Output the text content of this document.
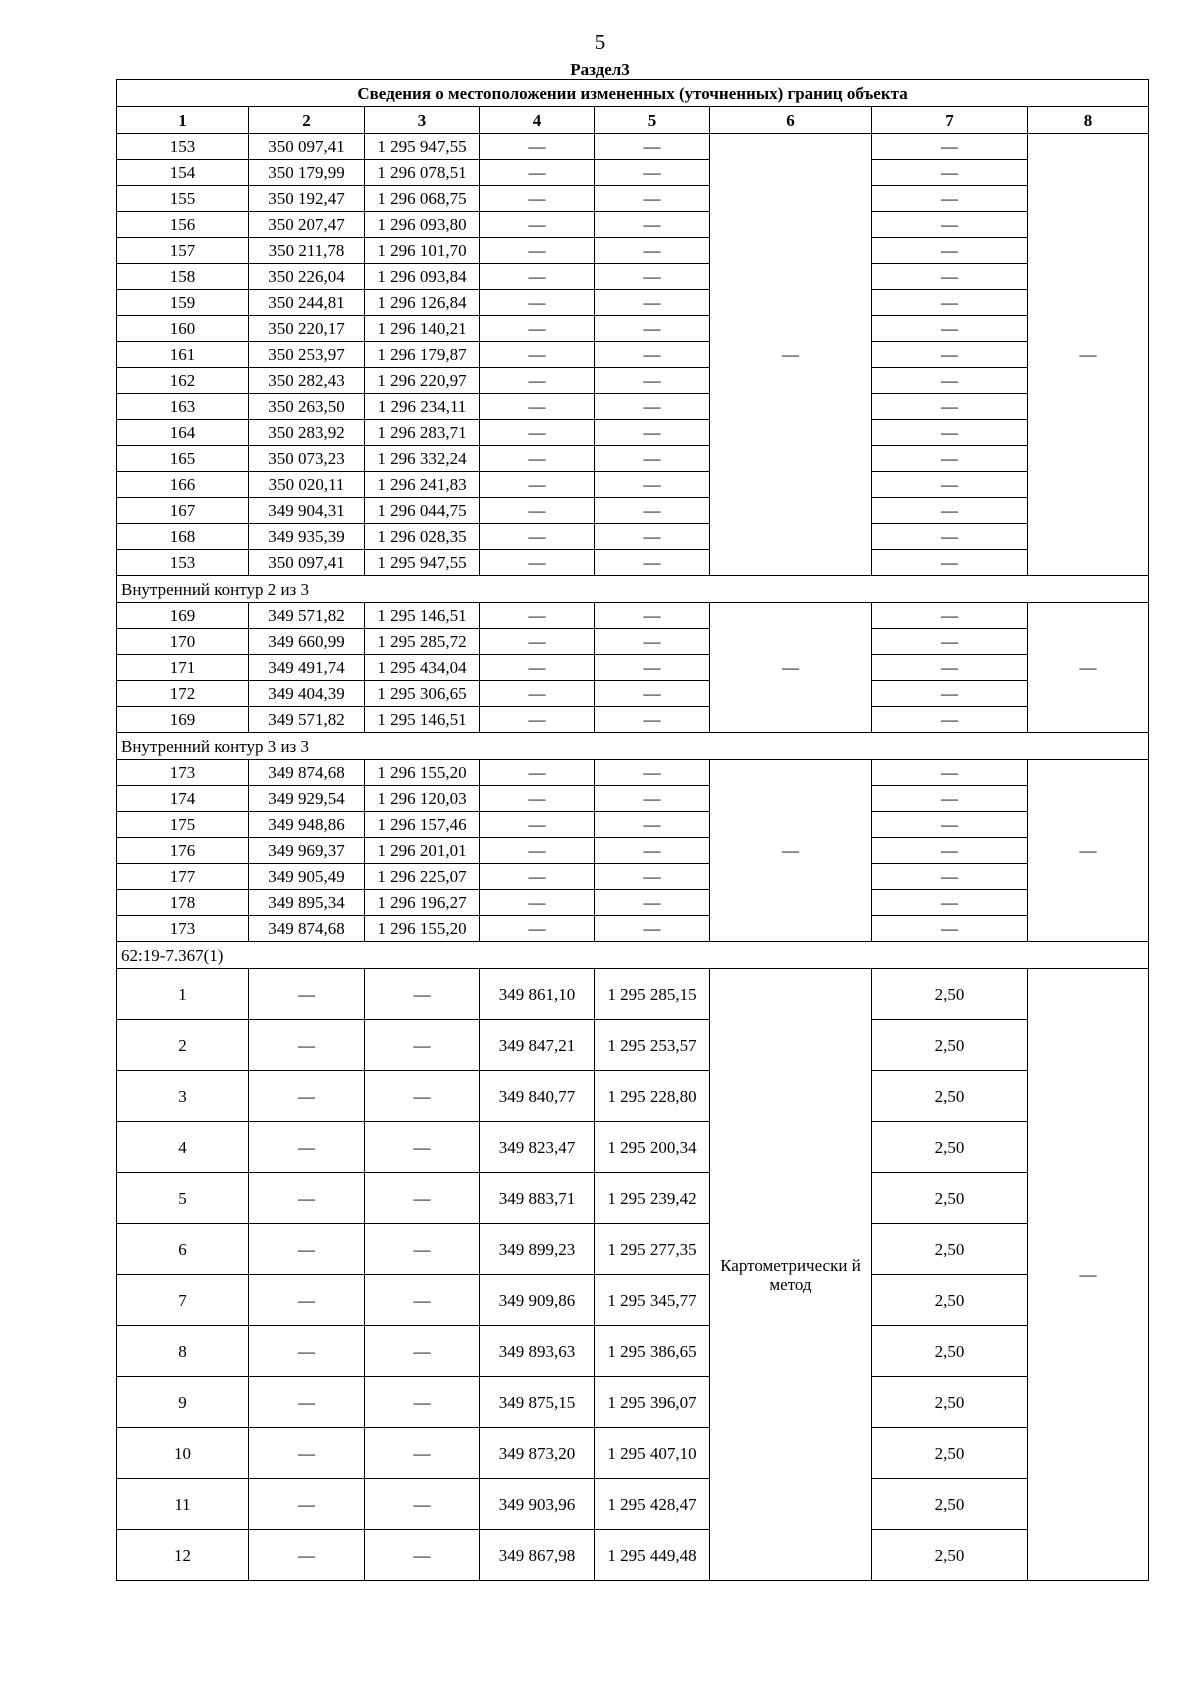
5
Раздел3
Сведения о местоположении измененных (уточненных) границ объекта							
1	2	3	4	5	6	7	8
153	350 097,41	1 295 947,55	—	—	—	—	—
154	350 179,99	1 296 078,51	—	—		—	
155	350 192,47	1 296 068,75	—	—		—	
156	350 207,47	1 296 093,80	—	—		—	
157	350 211,78	1 296 101,70	—	—		—	
158	350 226,04	1 296 093,84	—	—		—	
159	350 244,81	1 296 126,84	—	—		—	
160	350 220,17	1 296 140,21	—	—		—	
161	350 253,97	1 296 179,87	—	—		—	
162	350 282,43	1 296 220,97	—	—		—	
163	350 263,50	1 296 234,11	—	—		—	
164	350 283,92	1 296 283,71	—	—		—	
165	350 073,23	1 296 332,24	—	—		—	
166	350 020,11	1 296 241,83	—	—		—	
167	349 904,31	1 296 044,75	—	—		—	
168	349 935,39	1 296 028,35	—	—		—	
153	350 097,41	1 295 947,55	—	—		—	
Внутренний контур 2 из 3							
169	349 571,82	1 295 146,51	—	—	—	—	—
170	349 660,99	1 295 285,72	—	—		—	
171	349 491,74	1 295 434,04	—	—		—	
172	349 404,39	1 295 306,65	—	—		—	
169	349 571,82	1 295 146,51	—	—		—	
Внутренний контур 3 из 3							
173	349 874,68	1 296 155,20	—	—	—	—	—
174	349 929,54	1 296 120,03	—	—		—	
175	349 948,86	1 296 157,46	—	—		—	
176	349 969,37	1 296 201,01	—	—		—	
177	349 905,49	1 296 225,07	—	—		—	
178	349 895,34	1 296 196,27	—	—		—	
173	349 874,68	1 296 155,20	—	—		—	
62:19-7.367(1)							
1	—	—	349 861,10	1 295 285,15	Картометрически й метод	2,50	—
2	—	—	349 847,21	1 295 253,57		2,50	
3	—	—	349 840,77	1 295 228,80		2,50	
4	—	—	349 823,47	1 295 200,34		2,50	
5	—	—	349 883,71	1 295 239,42		2,50	
6	—	—	349 899,23	1 295 277,35		2,50	
7	—	—	349 909,86	1 295 345,77		2,50	
8	—	—	349 893,63	1 295 386,65		2,50	
9	—	—	349 875,15	1 295 396,07		2,50	
10	—	—	349 873,20	1 295 407,10		2,50	
11	—	—	349 903,96	1 295 428,47		2,50	
12	—	—	349 867,98	1 295 449,48		2,50	
